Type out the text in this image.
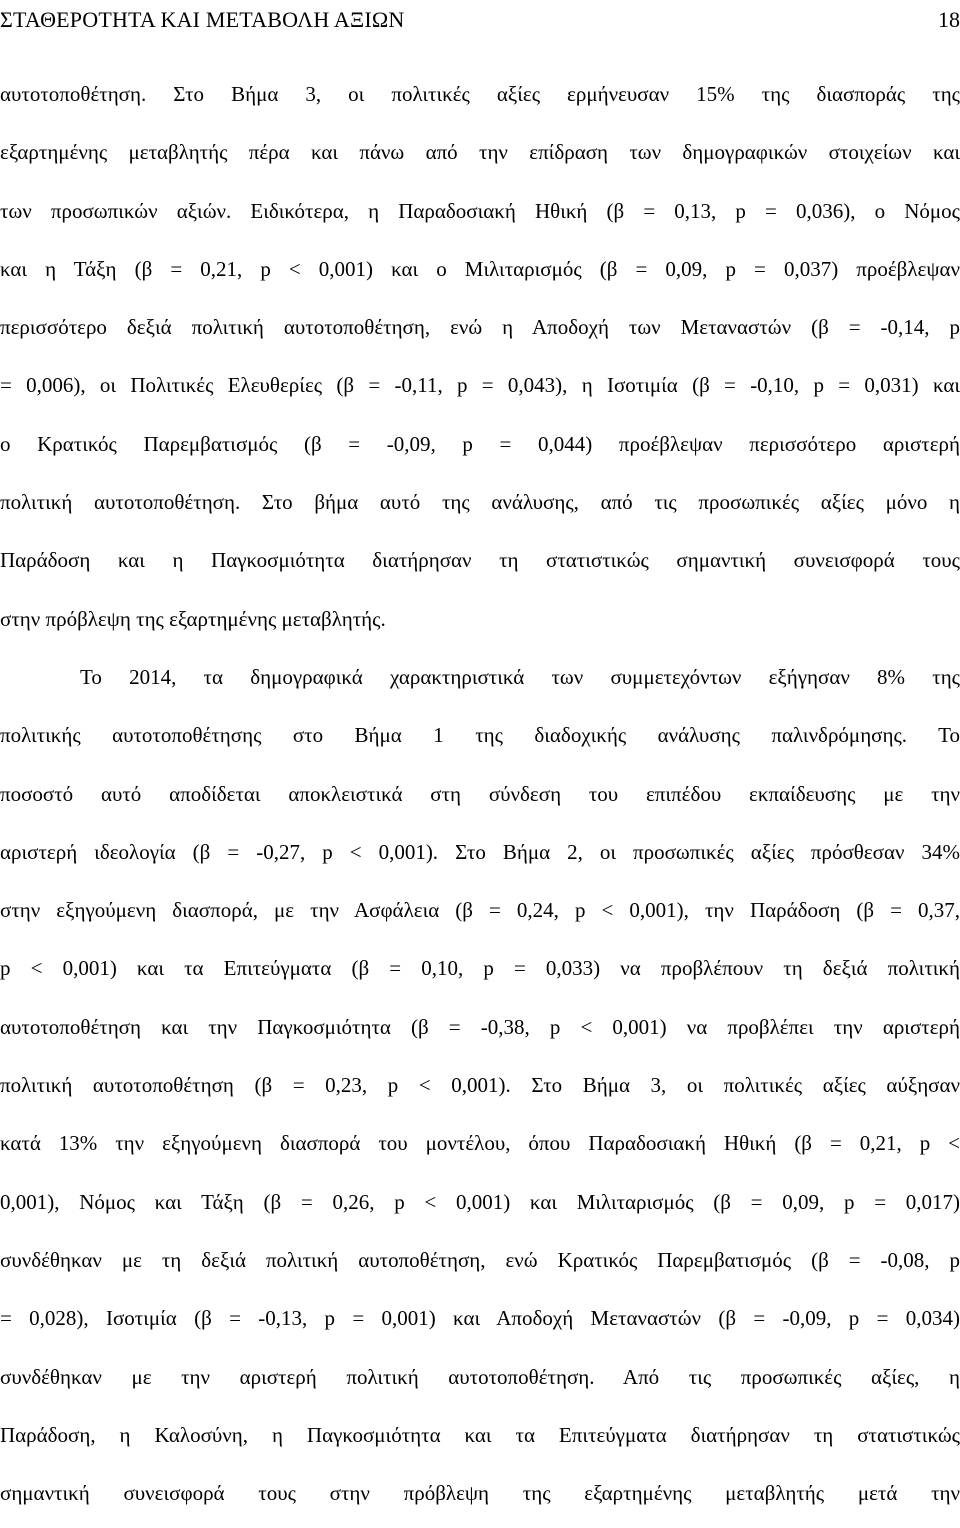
ΣΤΑΘΕΡΟΤΗΤΑ ΚΑΙ ΜΕΤΑΒΟΛΗ ΑΞΙΩΝ	18
αυτοτοποθέτηση. Στο Βήμα 3, οι πολιτικές αξίες ερμήνευσαν 15% της διασποράς της
εξαρτημένης μεταβλητής πέρα και πάνω από την επίδραση των δημογραφικών στοιχείων και
των προσωπικών αξιών. Ειδικότερα, η Παραδοσιακή Ηθική (β = 0,13, p = 0,036), ο Νόμος
και η Τάξη (β = 0,21, p < 0,001) και ο Μιλιταρισμός (β = 0,09, p = 0,037) προέβλεψαν
περισσότερο δεξιά πολιτική αυτοτοποθέτηση, ενώ η Αποδοχή των Μεταναστών (β = -0,14, p
= 0,006), οι Πολιτικές Ελευθερίες (β = -0,11, p = 0,043), η Ισοτιμία (β = -0,10, p = 0,031) και
ο Κρατικός Παρεμβατισμός (β = -0,09, p = 0,044) προέβλεψαν περισσότερο αριστερή
πολιτική αυτοτοποθέτηση. Στο βήμα αυτό της ανάλυσης, από τις προσωπικές αξίες μόνο η
Παράδοση και η Παγκοσμιότητα διατήρησαν τη στατιστικώς σημαντική συνεισφορά τους
στην πρόβλεψη της εξαρτημένης μεταβλητής.
Το 2014, τα δημογραφικά χαρακτηριστικά των συμμετεχόντων εξήγησαν 8% της
πολιτικής αυτοτοποθέτησης στο Βήμα 1 της διαδοχικής ανάλυσης παλινδρόμησης. Το
ποσοστό αυτό αποδίδεται αποκλειστικά στη σύνδεση του επιπέδου εκπαίδευσης με την
αριστερή ιδεολογία (β = -0,27, p < 0,001). Στο Βήμα 2, οι προσωπικές αξίες πρόσθεσαν 34%
στην εξηγούμενη διασπορά, με την Ασφάλεια (β = 0,24, p < 0,001), την Παράδοση (β = 0,37,
p < 0,001) και τα Επιτεύγματα (β = 0,10, p = 0,033) να προβλέπουν τη δεξιά πολιτική
αυτοτοποθέτηση και την Παγκοσμιότητα (β = -0,38, p < 0,001) να προβλέπει την αριστερή
πολιτική αυτοτοποθέτηση (β = 0,23, p < 0,001). Στο Βήμα 3, οι πολιτικές αξίες αύξησαν
κατά 13% την εξηγούμενη διασπορά του μοντέλου, όπου Παραδοσιακή Ηθική (β = 0,21, p <
0,001), Νόμος και Τάξη (β = 0,26, p < 0,001) και Μιλιταρισμός (β = 0,09, p = 0,017)
συνδέθηκαν με τη δεξιά πολιτική αυτοποθέτηση, ενώ Κρατικός Παρεμβατισμός (β = -0,08, p
= 0,028), Ισοτιμία (β = -0,13, p = 0,001) και Αποδοχή Μεταναστών (β = -0,09, p = 0,034)
συνδέθηκαν με την αριστερή πολιτική αυτοτοποθέτηση. Από τις προσωπικές αξίες, η
Παράδοση, η Καλοσύνη, η Παγκοσμιότητα και τα Επιτεύγματα διατήρησαν τη στατιστικώς
σημαντική συνεισφορά τους στην πρόβλεψη της εξαρτημένης μεταβλητής μετά την
